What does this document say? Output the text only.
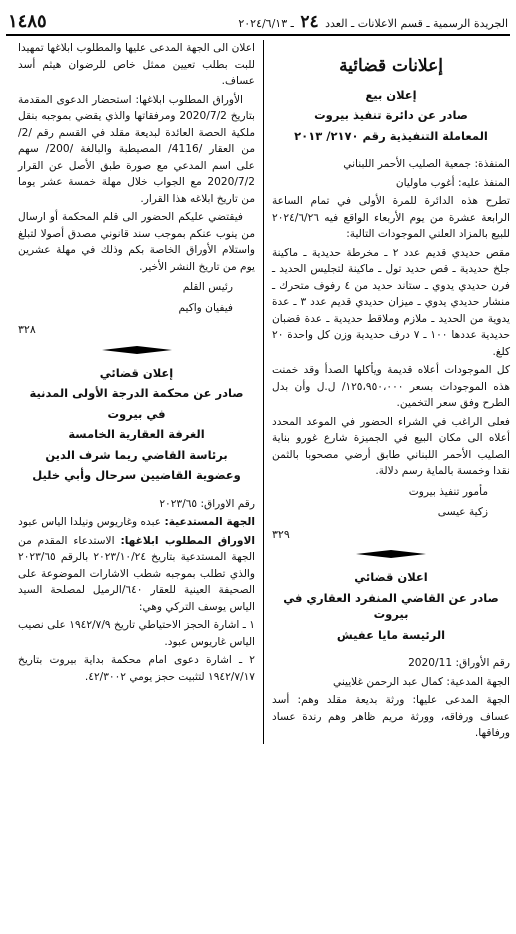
الجريدة الرسمية ـ قسم الاعلانات ـ العدد ٢٤ ـ ٢٠٢٤/٦/١٣
١٤٨٥
إعلانات قضائية
إعلان بيع
صادر عن دائرة تنفيذ بيروت
المعاملة التنفيذية رقم ٢١٧٠/ ٢٠١٣

المنفذة: جمعية الصليب الأحمر اللبناني

المنفذ عليه: أغوب ماوليان

تطرح هذه الدائرة للمرة الأولى في تمام الساعة الرابعة عشرة من يوم الأربعاء الواقع فيه ٢٠٢٤/٦/٢٦ للبيع بالمزاد العلني الموجودات التالية:

مقص حديدي قديم عدد ٢ ـ مخرطة حديدية ـ ماكينة جلخ حديدية ـ قص حديد تول ـ ماكينة لتجليس الحديد ـ فرن حديدي يدوي ـ ستاند حديد من ٤ رفوف متحرك ـ منشار حديدي يدوي ـ ميزان حديدي قديم عدد ٣ ـ عدة يدوية من الحديد ـ ملازم وملاقط حديدية ـ عدة قضبان حديدية عددها ١٠٠ ـ ٧ درف حديدية وزن كل واحدة ٢٠ كلغ.

كل الموجودات أعلاه قديمة ويأكلها الصدأ وقد خمنت هذه الموجودات بسعر ١٢٥،٩٥٠،٠٠٠/ ل.ل وأن بدل الطرح وفق سعر التخمين.

فعلى الراغب في الشراء الحضور في الموعد المحدد أعلاه الى مكان البيع في الجميزة شارع غورو بناية الصليب الأحمر اللبناني طابق أرضي مصحوبا بالثمن نقدا وخمسة بالماية رسم دلالة.

مأمور تنفيذ بيروت
زكية عيسى
٣٢٩
اعلان قضائي
صادر عن القاضي المنفرد العقاري في بيروت
الرئيسة مايا عفيش

رقم الأوراق: 2020/11

الجهة المدعية: كمال عبد الرحمن غلاييني

الجهة المدعى عليها: ورثة بديعة مقلد وهم: أسد عساف ورفاقه، وورثة مريم ظاهر وهم رندة عساد ورفاقها.

اعلان الى الجهة المدعى عليها والمطلوب ابلاغها تمهيدا للبت بطلب تعيين ممثل خاص للرضوان هيثم أسد عساف.

الأوراق المطلوب ابلاغها: استحضار الدعوى المقدمة بتاريخ 2020/7/2 ومرفقاتها والذي يقضي بموجبه بنقل ملكية الحصة العائدة لبديعة مقلد في القسم رقم /2/ من العقار /4116/ المصيطبة والبالغة /200/ سهم على اسم المدعي مع صورة طبق الأصل عن القرار 2020/7/2 مع الجواب خلال مهلة خمسة عشر يوما من تاريخ ابلاغه هذا القرار.

فيقتضي عليكم الحضور الى قلم المحكمة أو ارسال من ينوب عنكم بموجب سند قانوني مصدق أصولا لتبلغ واستلام الأوراق الخاصة بكم وذلك في مهلة عشرين يوم من تاريخ النشر الأخير.

رئيس القلم
فيفيان واكيم
٣٢٨
إعلان قضائي
صادر عن محكمة الدرجة الأولى المدنية
في بيروت
الغرفة العقارية الخامسة
برئاسة القاضي ريما شرف الدين
وعضوية القاضيين سرحال وأبي خليل

رقم الاوراق: ٢٠٢٣/٦٥

الجهة المستدعية: عبده وغاريوس ونيلدا الياس عبود

الاوراق المطلوب ابلاغها: الاستدعاء المقدم من الجهة المستدعية بتاريخ ٢٠٢٣/١٠/٢٤ بالرقم ٢٠٢٣/٦٥ والذي تطلب بموجبه شطب الاشارات الموضوعة على الصحيفة العينية للعقار ٦٤٠/الرميل لمصلحة السيد الياس يوسف التركي وهي:

١ ـ اشارة الحجز الاحتياطي تاريخ ١٩٤٢/٧/٩ على نصيب الياس غاريوس عبود.

٢ ـ اشارة دعوى امام محكمة بداية بيروت بتاريخ ١٩٤٢/٧/١٧ لتثبيت حجز يومي ٤٢/٣٠٠٢.
